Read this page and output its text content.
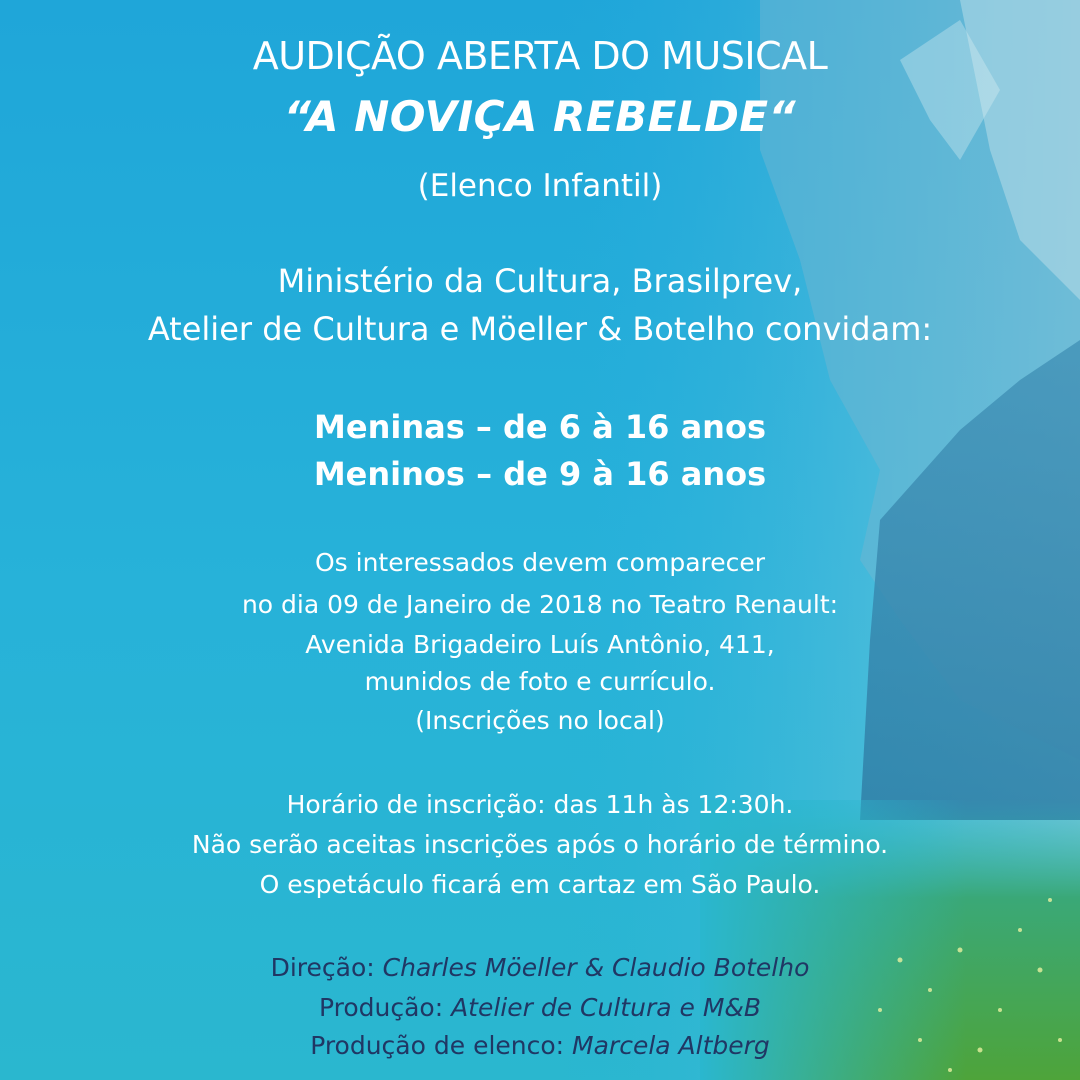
AUDIÇÃO ABERTA DO MUSICAL
“A NOVIÇA REBELDE“
(Elenco Infantil)
Ministério da Cultura, Brasilprev,
Atelier de Cultura e Möeller & Botelho convidam:
Meninas – de 6 à 16 anos
Meninos – de 9 à 16 anos
Os interessados devem comparecer
no dia 09 de Janeiro de 2018 no Teatro Renault:
Avenida Brigadeiro Luís Antônio, 411,
munidos de foto e currículo.
(Inscrições no local)
Horário de inscrição: das 11h às 12:30h.
Não serão aceitas inscrições após o horário de término.
O espetáculo ficará em cartaz em São Paulo.
Direção: Charles Möeller & Claudio Botelho
Produção: Atelier de Cultura e M&B
Produção de elenco: Marcela Altberg
